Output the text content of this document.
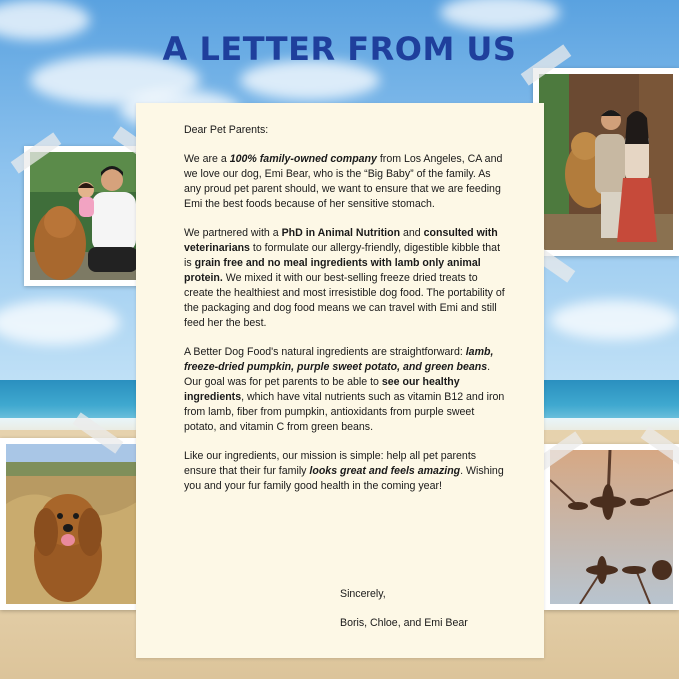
A LETTER FROM US

Dear Pet Parents:

We are a 100% family-owned company from Los Angeles, CA and we love our dog, Emi Bear, who is the “Big Baby” of the family. As any proud pet parent should, we want to ensure that we are feeding Emi the best foods because of her sensitive stomach.

We partnered with a PhD in Animal Nutrition and consulted with veterinarians to formulate our allergy-friendly, digestible kibble that is grain free and no meal ingredients with lamb only animal protein. We mixed it with our best-selling freeze dried treats to create the healthiest and most irresistible dog food. The portability of the packaging and dog food means we can travel with Emi and still feed her the best.

A Better Dog Food's natural ingredients are straightforward: lamb, freeze-dried pumpkin, purple sweet potato, and green beans. Our goal was for pet parents to be able to see our healthy ingredients, which have vital nutrients such as vitamin B12 and iron from lamb, fiber from pumpkin, antioxidants from purple sweet potato, and vitamin C from green beans.

Like our ingredients, our mission is simple: help all pet parents ensure that their fur family looks great and feels amazing. Wishing you and your fur family good health in the coming year!

Sincerely,
Boris, Chloe, and Emi Bear
